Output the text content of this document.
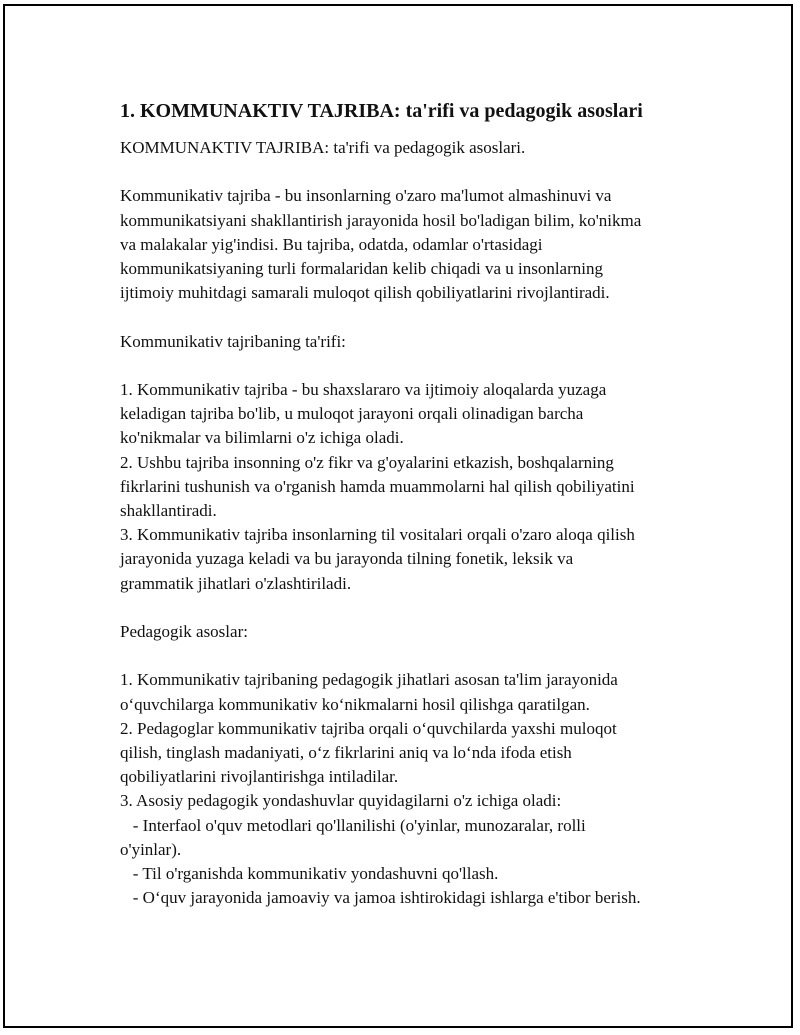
1. KOMMUNAKTIV TAJRIBA: ta'rifi va pedagogik asoslari
KOMMUNAKTIV TAJRIBA: ta'rifi va pedagogik asoslari.
Kommunikativ tajriba - bu insonlarning o'zaro ma'lumot almashinuvi va
kommunikatsiyani shakllantirish jarayonida hosil bo'ladigan bilim, ko'nikma
va malakalar yig'indisi. Bu tajriba, odatda, odamlar o'rtasidagi
kommunikatsiyaning turli formalaridan kelib chiqadi va u insonlarning
ijtimoiy muhitdagi samarali muloqot qilish qobiliyatlarini rivojlantiradi.
Kommunikativ tajribaning ta'rifi:
1. Kommunikativ tajriba - bu shaxslararo va ijtimoiy aloqalarda yuzaga
keladigan tajriba bo'lib, u muloqot jarayoni orqali olinadigan barcha
ko'nikmalar va bilimlarni o'z ichiga oladi.
2. Ushbu tajriba insonning o'z fikr va g'oyalarini etkazish, boshqalarning
fikrlarini tushunish va o'rganish hamda muammolarni hal qilish qobiliyatini
shakllantiradi.
3. Kommunikativ tajriba insonlarning til vositalari orqali o'zaro aloqa qilish
jarayonida yuzaga keladi va bu jarayonda tilning fonetik, leksik va
grammatik jihatlari o'zlashtiriladi.
Pedagogik asoslar:
1. Kommunikativ tajribaning pedagogik jihatlari asosan ta'lim jarayonida
o‘quvchilarga kommunikativ ko‘nikmalarni hosil qilishga qaratilgan.
2. Pedagoglar kommunikativ tajriba orqali o‘quvchilarda yaxshi muloqot
qilish, tinglash madaniyati, o‘z fikrlarini aniq va lo‘nda ifoda etish
qobiliyatlarini rivojlantirishga intiladilar.
3. Asosiy pedagogik yondashuvlar quyidagilarni o'z ichiga oladi:
- Interfaol o'quv metodlari qo'llanilishi (o'yinlar, munozaralar, rolli
o'yinlar).
- Til o'rganishda kommunikativ yondashuvni qo'llash.
- O‘quv jarayonida jamoaviy va jamoa ishtirokidagi ishlarga e'tibor berish.
